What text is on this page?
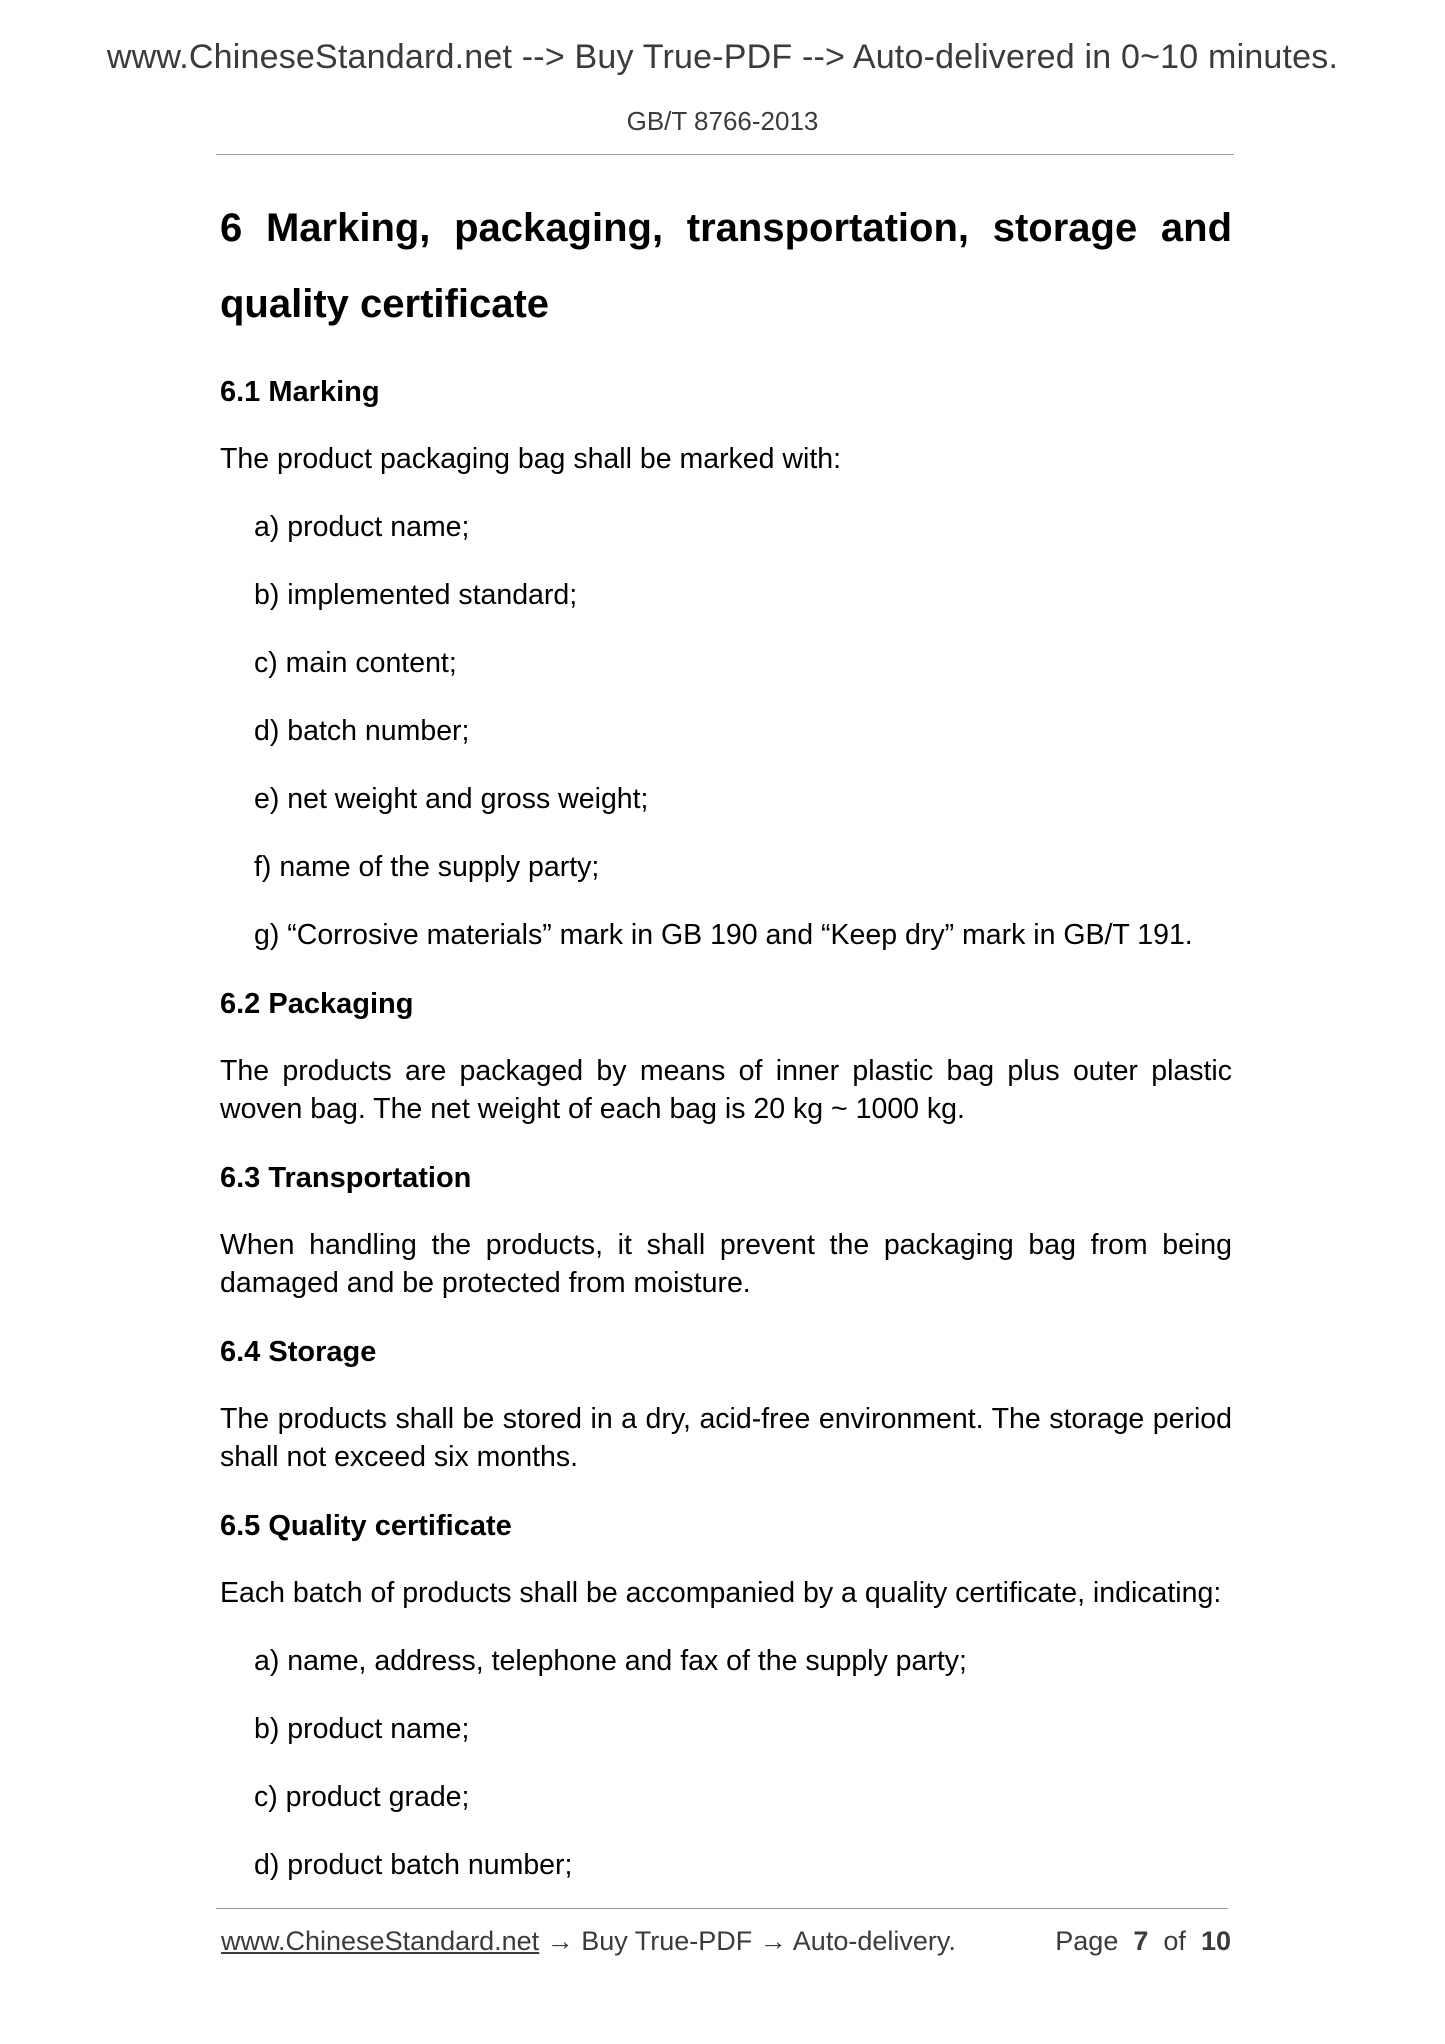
www.ChineseStandard.net --> Buy True-PDF --> Auto-delivered in 0~10 minutes.
GB/T 8766-2013
6 Marking, packaging, transportation, storage and quality certificate
6.1 Marking
The product packaging bag shall be marked with:
a) product name;
b) implemented standard;
c) main content;
d) batch number;
e) net weight and gross weight;
f) name of the supply party;
g) “Corrosive materials” mark in GB 190 and “Keep dry” mark in GB/T 191.
6.2 Packaging
The products are packaged by means of inner plastic bag plus outer plastic woven bag. The net weight of each bag is 20 kg ~ 1000 kg.
6.3 Transportation
When handling the products, it shall prevent the packaging bag from being damaged and be protected from moisture.
6.4 Storage
The products shall be stored in a dry, acid-free environment. The storage period shall not exceed six months.
6.5 Quality certificate
Each batch of products shall be accompanied by a quality certificate, indicating:
a) name, address, telephone and fax of the supply party;
b) product name;
c) product grade;
d) product batch number;
www.ChineseStandard.net → Buy True-PDF → Auto-delivery.	Page 7 of 10
